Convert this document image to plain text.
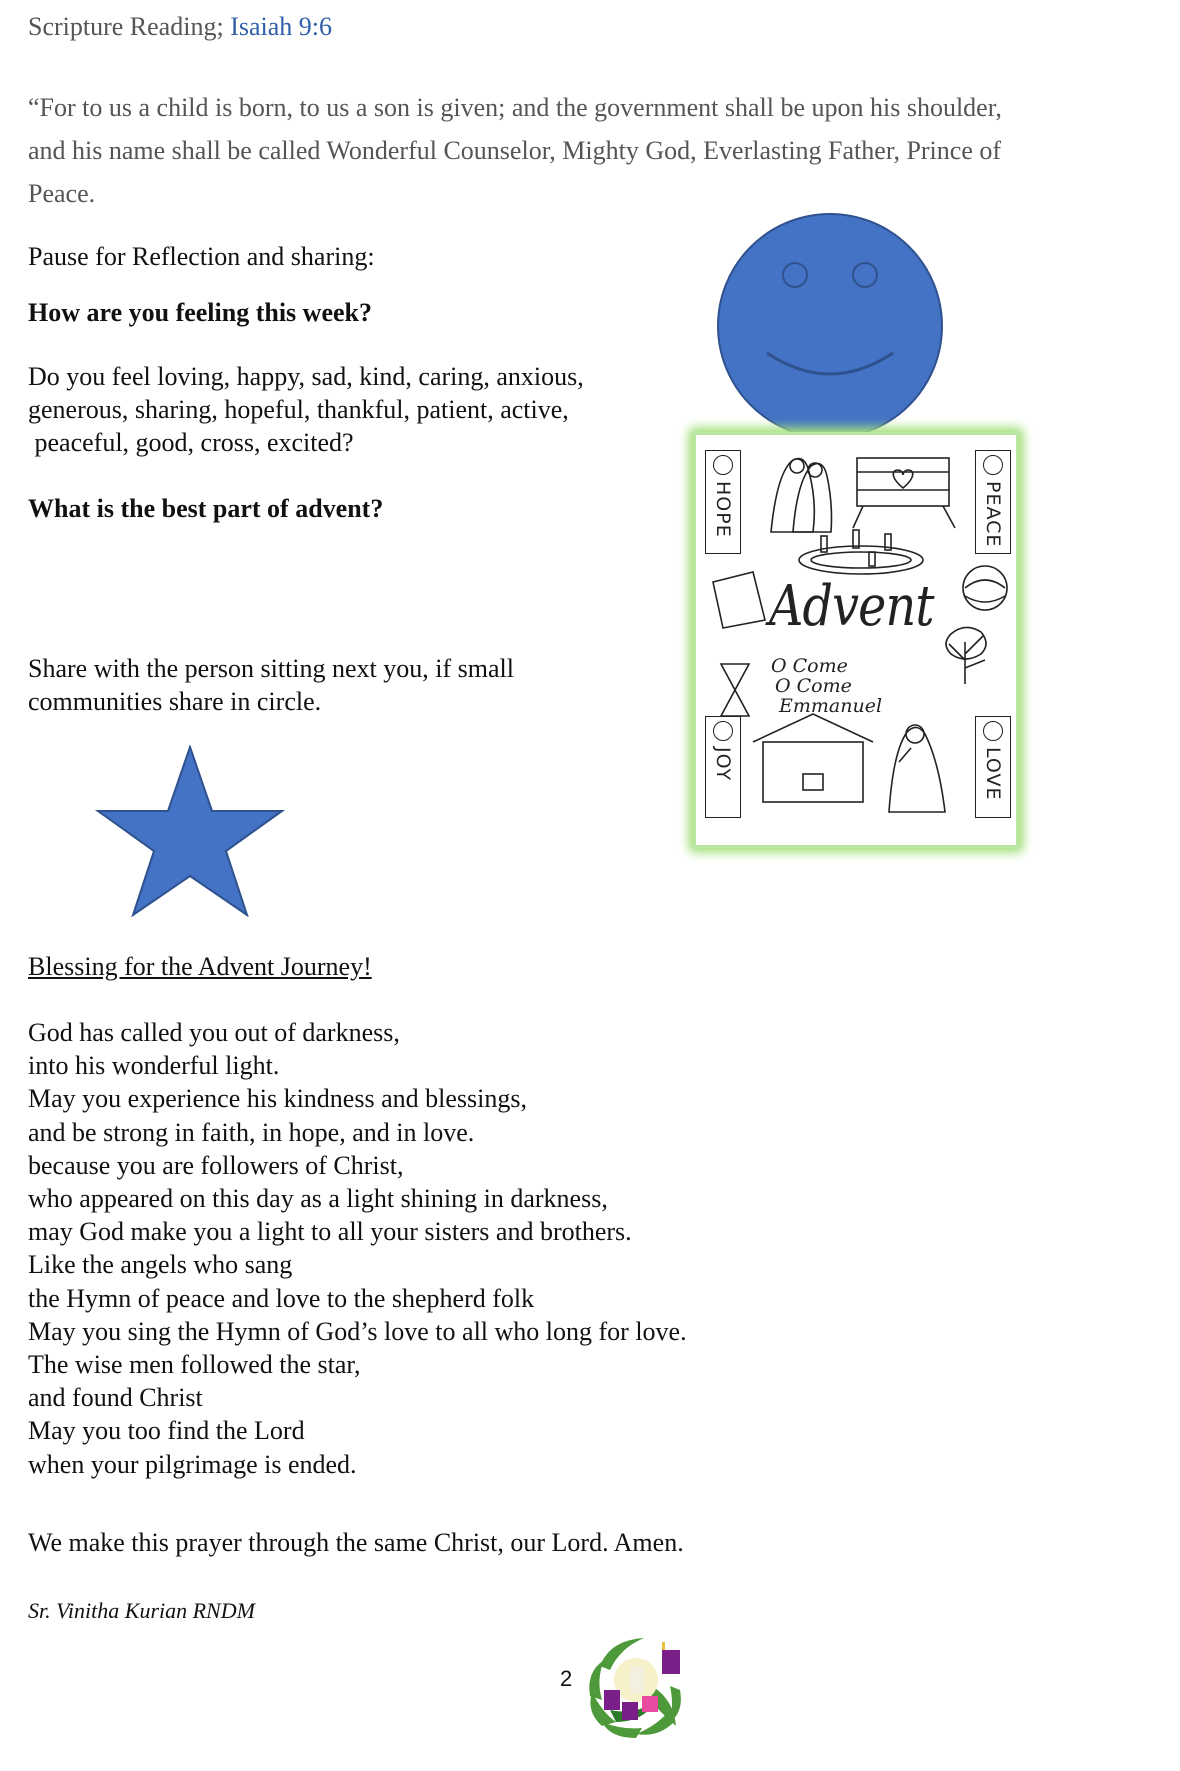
Scripture Reading; Isaiah 9:6
“For to us a child is born, to us a son is given; and the government shall be upon his shoulder,
and his name shall be called Wonderful Counselor, Mighty God, Everlasting Father, Prince of
Peace.
Pause for Reflection and sharing:
How are you feeling this week?
Do you feel loving, happy, sad, kind, caring, anxious,
generous, sharing, hopeful, thankful, patient, active,
peaceful, good, cross, excited?
What is the best part of advent?
Share with the person sitting next you, if small
communities share in circle.
HOPE	PEACE
JOY	LOVE
Advent
O Come
O Come
Emmanuel
Blessing for the Advent Journey!
God has called you out of darkness,
into his wonderful light.
May you experience his kindness and blessings,
and be strong in faith, in hope, and in love.
because you are followers of Christ,
who appeared on this day as a light shining in darkness,
may God make you a light to all your sisters and brothers.
Like the angels who sang
the Hymn of peace and love to the shepherd folk
May you sing the Hymn of God’s love to all who long for love.
The wise men followed the star,
and found Christ
May you too find the Lord
when your pilgrimage is ended.
We make this prayer through the same Christ, our Lord. Amen.
Sr. Vinitha Kurian RNDM
2
